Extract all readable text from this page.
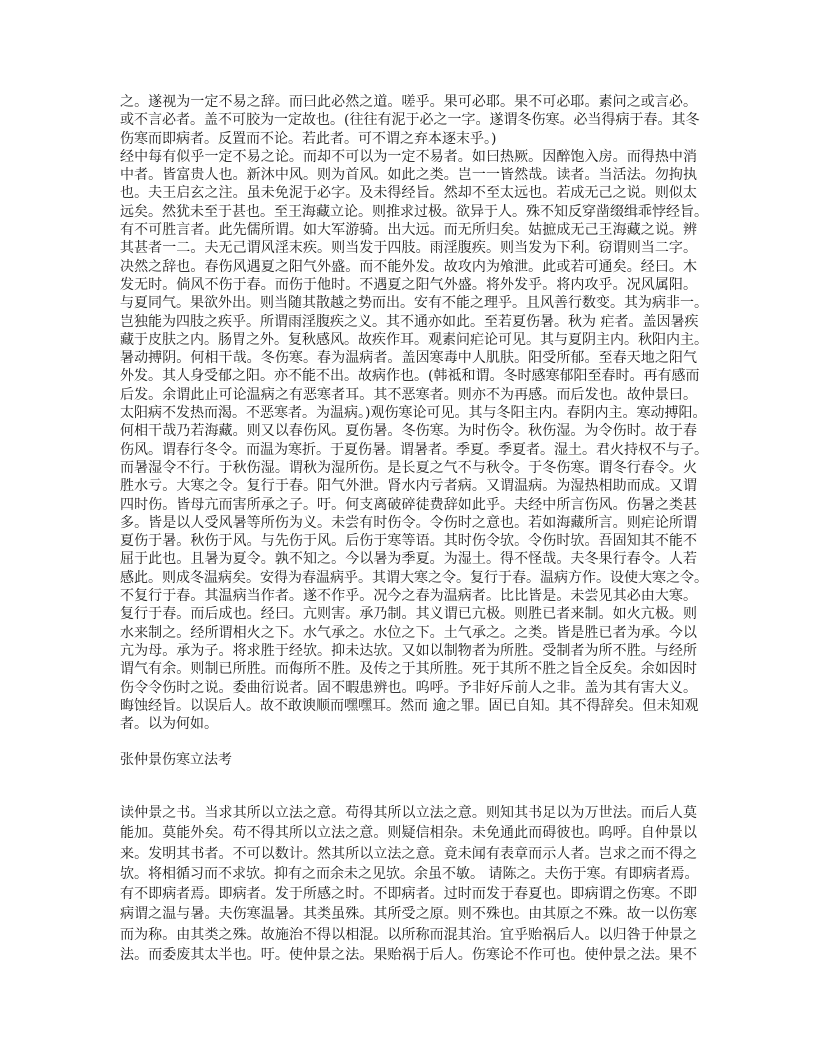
之。遂视为一定不易之辞。而曰此必然之道。嗟乎。果可必耶。果不可必耶。素问之或言必。
或不言必者。盖不可胶为一定故也。(往往有泥于必之一字。遂谓冬伤寒。必当得病于春。其冬
伤寒而即病者。反置而不论。若此者。可不谓之弃本逐末乎。)
经中每有似乎一定不易之论。而却不可以为一定不易者。如曰热厥。因醉饱入房。而得热中消
中者。皆富贵人也。新沐中风。则为首风。如此之类。岂一一皆然哉。读者。当活法。勿拘执
也。夫王启玄之注。虽未免泥于必字。及未得经旨。然却不至太远也。若成无己之说。则似太
远矣。然犹未至于甚也。至王海藏立论。则推求过极。欲异于人。殊不知反穿凿缀缉乖悖经旨。
有不可胜言者。此先儒所谓。如大军游骑。出大远。而无所归矣。姑摭成无己王海藏之说。辨
其甚者一二。夫无己谓风淫末疾。则当发于四肢。雨淫腹疾。则当发为下利。窃谓则当二字。
决然之辞也。春伤风遇夏之阳气外盛。而不能外发。故攻内为飧泄。此或若可通矣。经曰。木
发无时。倘风不伤于春。而伤于他时。不遇夏之阳气外盛。将外发乎。将内攻乎。况风属阳。
与夏同气。果欲外出。则当随其散越之势而出。安有不能之理乎。且风善行数变。其为病非一。
岂独能为四肢之疾乎。所谓雨淫腹疾之义。其不通亦如此。至若夏伤暑。秋为 疟者。盖因暑疾
藏于皮肤之内。肠胃之外。复秋感风。故疾作耳。观素问疟论可见。其与夏阴主内。秋阳内主。
暑动搏阴。何相干哉。冬伤寒。春为温病者。盖因寒毒中人肌肤。阳受所郁。至春天地之阳气
外发。其人身受郁之阳。亦不能不出。故病作也。(韩祗和谓。冬时感寒郁阳至春时。再有感而
后发。余谓此止可论温病之有恶寒者耳。其不恶寒者。则亦不为再感。而后发也。故仲景曰。
太阳病不发热而渴。不恶寒者。为温病。)观伤寒论可见。其与冬阳主内。春阴内主。寒动搏阳。
何相干哉乃若海藏。则又以春伤风。夏伤暑。冬伤寒。为时伤令。秋伤湿。为令伤时。故于春
伤风。谓春行冬令。而温为寒折。于夏伤暑。谓暑者。季夏。季夏者。湿土。君火持权不与子。
而暑湿令不行。于秋伤湿。谓秋为湿所伤。是长夏之气不与秋令。于冬伤寒。谓冬行春令。火
胜水亏。大寒之令。复行于春。阳气外泄。肾水内亏者病。又谓温病。为湿热相助而成。又谓
四时伤。皆母亢而害所承之子。吁。何支离破碎徒费辞如此乎。夫经中所言伤风。伤暑之类甚
多。皆是以人受风暑等所伤为义。未尝有时伤令。令伤时之意也。若如海藏所言。则疟论所谓
夏伤于暑。秋伤于风。与先伤于风。后伤于寒等语。其时伤令欤。令伤时欤。吾固知其不能不
屈于此也。且暑为夏令。孰不知之。今以暑为季夏。为湿土。得不怪哉。夫冬果行春令。人若
感此。则成冬温病矣。安得为春温病乎。其谓大寒之令。复行于春。温病方作。设使大寒之令。
不复行于春。其温病当作者。遂不作乎。况今之春为温病者。比比皆是。未尝见其必由大寒。
复行于春。而后成也。经曰。亢则害。承乃制。其义谓已亢极。则胜已者来制。如火亢极。则
水来制之。经所谓相火之下。水气承之。水位之下。土气承之。之类。皆是胜已者为承。今以
亢为母。承为子。将求胜于经欤。抑未达欤。又如以制物者为所胜。受制者为所不胜。与经所
谓气有余。则制已所胜。而侮所不胜。及传之于其所胜。死于其所不胜之旨全反矣。余如因时
伤令令伤时之说。委曲衍说者。固不暇患辨也。呜呼。予非好斥前人之非。盖为其有害大义。
晦蚀经旨。以误后人。故不敢谀顺而嘿嘿耳。然而 逾之罪。固已自知。其不得辞矣。但未知观
者。以为何如。
张仲景伤寒立法考
读仲景之书。当求其所以立法之意。苟得其所以立法之意。则知其书足以为万世法。而后人莫
能加。莫能外矣。苟不得其所以立法之意。则疑信相杂。未免通此而碍彼也。呜呼。自仲景以
来。发明其书者。不可以数计。然其所以立法之意。竟未闻有表章而示人者。岂求之而不得之
欤。将相循习而不求欤。抑有之而余未之见欤。余虽不敏。 请陈之。夫伤于寒。有即病者焉。
有不即病者焉。即病者。发于所感之时。不即病者。过时而发于春夏也。即病谓之伤寒。不即
病谓之温与暑。夫伤寒温暑。其类虽殊。其所受之原。则不殊也。由其原之不殊。故一以伤寒
而为称。由其类之殊。故施治不得以相混。以所称而混其治。宜乎贻祸后人。以归咎于仲景之
法。而委废其太半也。吁。使仲景之法。果贻祸于后人。伤寒论不作可也。使仲景之法。果不
